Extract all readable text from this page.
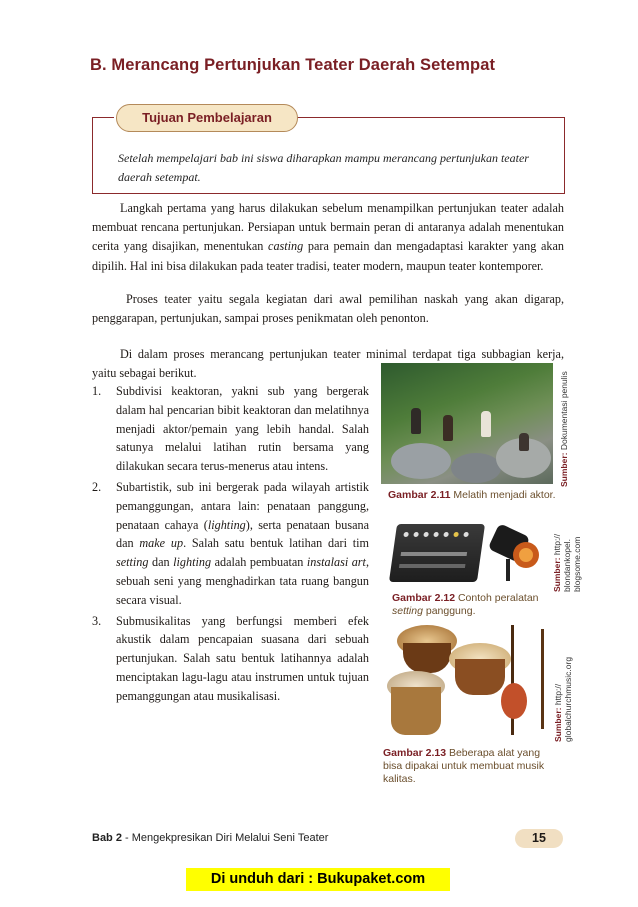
B. Merancang Pertunjukan Teater Daerah Setempat
Tujuan Pembelajaran

Setelah mempelajari bab ini siswa diharapkan mampu merancang pertunjukan teater daerah setempat.

Langkah pertama yang harus dilakukan sebelum menampilkan pertunjukan teater adalah membuat rencana pertunjukan. Persiapan untuk bermain peran di antaranya adalah menentukan cerita yang disajikan, menentukan casting para pemain dan mengadaptasi karakter yang akan dipilih. Hal ini bisa dilakukan pada teater tradisi, teater modern, maupun teater kontemporer.

Proses teater yaitu segala kegiatan dari awal pemilihan naskah yang akan digarap, penggarapan, pertunjukan, sampai proses penikmatan oleh penonton.

Di dalam proses merancang pertunjukan teater minimal terdapat tiga subbagian kerja, yaitu sebagai berikut.

1. Subdivisi keaktoran, yakni sub yang bergerak dalam hal pencarian bibit keaktoran dan melatihnya menjadi aktor/pemain yang lebih handal. Salah satunya melalui latihan rutin bersama yang dilakukan secara terus-menerus atau intens.
2. Subartistik, sub ini bergerak pada wilayah artistik pemanggungan, antara lain: penataan panggung, penataan cahaya (lighting), serta penataan busana dan make up. Salah satu bentuk latihan dari tim setting dan lighting adalah pembuatan instalasi art, sebuah seni yang menghadirkan tata ruang bangun secara visual.
3. Submusikalitas yang berfungsi memberi efek akustik dalam pencapaian suasana dari sebuah pertunjukan. Salah satu bentuk latihannya adalah menciptakan lagu-lagu atau instrumen untuk tujuan pemanggungan atau musikalisasi.
Sumber: Dokumentasi penulis

Gambar 2.11 Melatih menjadi aktor.

Sumber: http://
blondankopel.
blogsome.com

Gambar 2.12 Contoh peralatan setting panggung.

Sumber: http://
globalchurchmusic.org

Gambar 2.13 Beberapa alat yang bisa dipakai untuk membuat musik kalitas.

Bab 2 - Mengekpresikan Diri Melalui Seni Teater	15
Di unduh dari : Bukupaket.com
